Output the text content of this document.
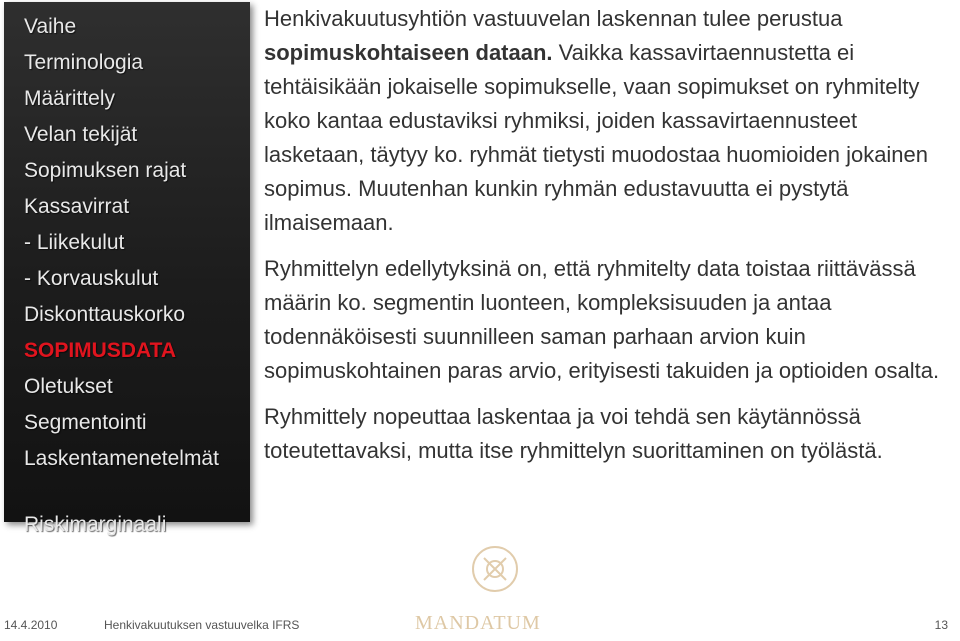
Vaihe
Terminologia
Määrittely
Velan tekijät
Sopimuksen rajat
Kassavirrat
- Liikekulut
- Korvauskulut
Diskonttauskorko
SOPIMUSDATA
Oletukset
Segmentointi
Laskentamenetelmät
Riskimarginaali

Henkivakuutusyhtiön vastuuvelan laskennan tulee perustua sopimuskohtaiseen dataan. Vaikka kassavirtaennustetta ei tehtäisikään jokaiselle sopimukselle, vaan sopimukset on ryhmitelty koko kantaa edustaviksi ryhmiksi, joiden kassavirtaennusteet lasketaan, täytyy ko. ryhmät tietysti muodostaa huomioiden jokainen sopimus. Muutenhan kunkin ryhmän edustavuutta ei pystytä ilmaisemaan.

Ryhmittelyn edellytyksinä on, että ryhmitelty data toistaa riittävässä määrin ko. segmentin luonteen, kompleksisuuden ja antaa todennäköisesti suunnilleen saman parhaan arvion kuin sopimuskohtainen paras arvio, erityisesti takuiden ja optioiden osalta.

Ryhmittely nopeuttaa laskentaa ja voi tehdä sen käytännössä toteutettavaksi, mutta itse ryhmittelyn suorittaminen on työlästä.

MANDATUM
14.4.2010	Henkivakuutuksen vastuuvelka IFRS	13
